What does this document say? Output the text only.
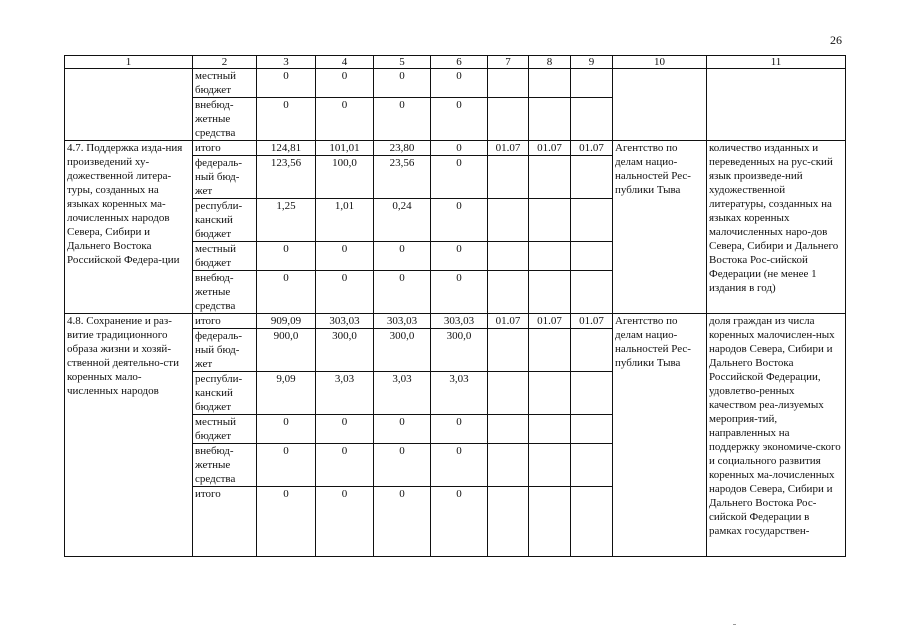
26
1	2	3	4	5	6	7	8	9	10	11
	местный бюджет	0	0	0	0					
	внебюд-жетные средства	0	0	0	0					
4.7. Поддержка изда-ния произведений ху-дожественной литера-туры, созданных на языках коренных ма-лочисленных народов Севера, Сибири и Дальнего Востока Российской Федера-ции	итого	124,81	101,01	23,80	0	01.07	01.07	01.07	Агентство по делам нацио-нальностей Рес-публики Тыва	количество изданных и переведенных на рус-ский язык произведе-ний художественной литературы, созданных на языках коренных малочисленных наро-дов Севера, Сибири и Дальнего Востока Рос-сийской Федерации (не менее 1 издания в год)
	федераль-ный бюд-жет	123,56	100,0	23,56	0					
	республи-канский бюджет	1,25	1,01	0,24	0					
	местный бюджет	0	0	0	0					
	внебюд-жетные средства	0	0	0	0					
4.8. Сохранение и раз-витие традиционного образа жизни и хозяй-ственной деятельно-сти коренных мало-численных народов	итого	909,09	303,03	303,03	303,03	01.07	01.07	01.07	Агентство по делам нацио-нальностей Рес-публики Тыва	доля граждан из числа коренных малочислен-ных народов Севера, Сибири и Дальнего Востока Российской Федерации, удовлетво-ренных качеством реа-лизуемых мероприя-тий, направленных на поддержку экономиче-ского и социального развития коренных ма-лочисленных народов Севера, Сибири и Дальнего Востока Рос-сийской Федерации в рамках государствен-
	федераль-ный бюд-жет	900,0	300,0	300,0	300,0					
	республи-канский бюджет	9,09	3,03	3,03	3,03					
	местный бюджет	0	0	0	0					
	внебюд-жетные средства	0	0	0	0					
	итого	0	0	0	0					
